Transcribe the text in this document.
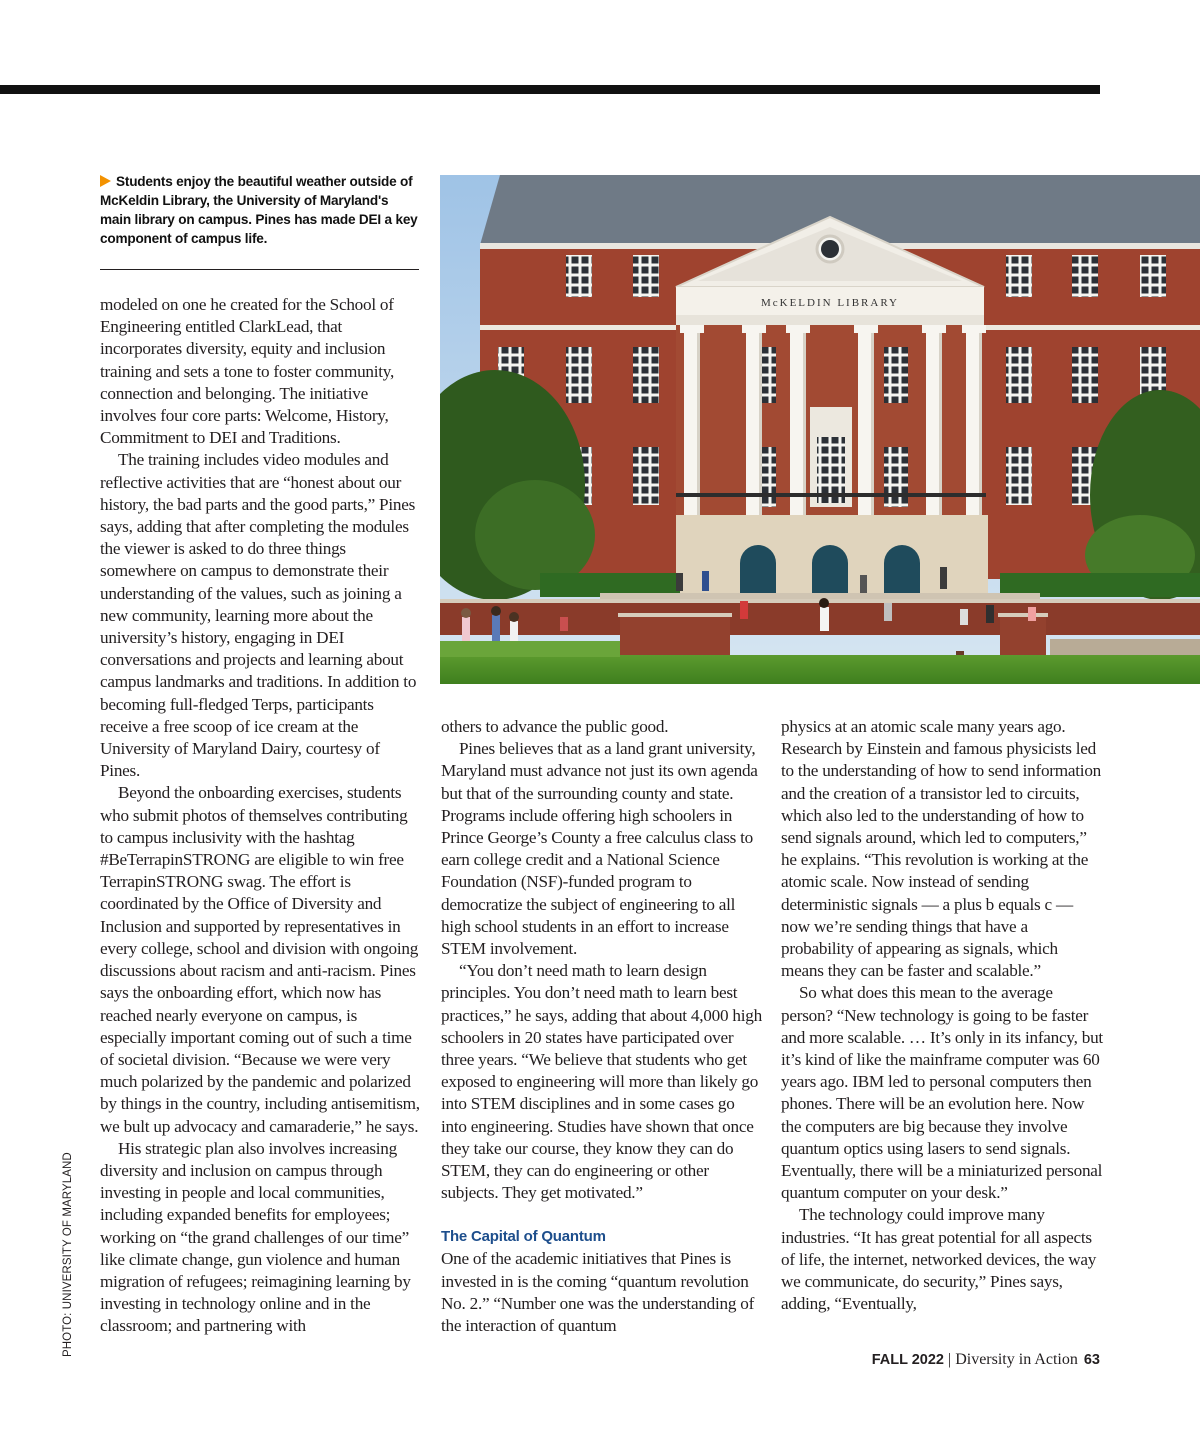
Students enjoy the beautiful weather outside of McKeldin Library, the University of Maryland's main library on campus. Pines has made DEI a key component of campus life.

modeled on one he created for the School of Engineering entitled ClarkLead, that incorporates diversity, equity and inclusion training and sets a tone to foster community, connection and belonging. The initiative involves four core parts: Welcome, History, Commitment to DEI and Traditions.

The training includes video modules and reflective activities that are “honest about our history, the bad parts and the good parts,” Pines says, adding that after completing the modules the viewer is asked to do three things somewhere on campus to demonstrate their understanding of the values, such as joining a new community, learning more about the university’s history, engaging in DEI conversations and projects and learning about campus landmarks and traditions. In addition to becoming full-fledged Terps, participants receive a free scoop of ice cream at the University of Maryland Dairy, courtesy of Pines.

Beyond the onboarding exercises, students who submit photos of themselves contributing to campus inclusivity with the hashtag #BeTerrapinSTRONG are eligible to win free TerrapinSTRONG swag. The effort is coordinated by the Office of Diversity and Inclusion and supported by representatives in every college, school and division with ongoing discussions about racism and anti-racism. Pines says the onboarding effort, which now has reached nearly everyone on campus, is especially important coming out of such a time of societal division. “Because we were very much polarized by the pandemic and polarized by things in the country, including antisemitism, we bult up advocacy and camaraderie,” he says.

His strategic plan also involves increasing diversity and inclusion on campus through investing in people and local communities, including expanded benefits for employees; working on “the grand challenges of our time” like climate change, gun violence and human migration of refugees; reimagining learning by investing in technology online and in the classroom; and partnering with

PHOTO: UNIVERSITY OF MARYLAND
McKELDIN LIBRARY

others to advance the public good.

Pines believes that as a land grant university, Maryland must advance not just its own agenda but that of the surrounding county and state. Programs include offering high schoolers in Prince George’s County a free calculus class to earn college credit and a National Science Foundation (NSF)-funded program to democratize the subject of engineering to all high school students in an effort to increase STEM involvement.

“You don’t need math to learn design principles. You don’t need math to learn best practices,” he says, adding that about 4,000 high schoolers in 20 states have participated over three years. “We believe that students who get exposed to engineering will more than likely go into STEM disciplines and in some cases go into engineering. Studies have shown that once they take our course, they know they can do STEM, they can do engineering or other subjects. They get motivated.”

The Capital of Quantum

One of the academic initiatives that Pines is invested in is the coming “quantum revolution No. 2.” “Number one was the understanding of the interaction of quantum

physics at an atomic scale many years ago. Research by Einstein and famous physicists led to the understanding of how to send information and the creation of a transistor led to circuits, which also led to the understanding of how to send signals around, which led to computers,” he explains. “This revolution is working at the atomic scale. Now instead of sending deterministic signals — a plus b equals c — now we’re sending things that have a probability of appearing as signals, which means they can be faster and scalable.”

So what does this mean to the average person? “New technology is going to be faster and more scalable. … It’s only in its infancy, but it’s kind of like the mainframe computer was 60 years ago. IBM led to personal computers then phones. There will be an evolution here. Now the computers are big because they involve quantum optics using lasers to send signals. Eventually, there will be a miniaturized personal quantum computer on your desk.”

The technology could improve many industries. “It has great potential for all aspects of life, the internet, networked devices, the way we communicate, do security,” Pines says, adding, “Eventually,

FALL 2022 | Diversity in Action 63
